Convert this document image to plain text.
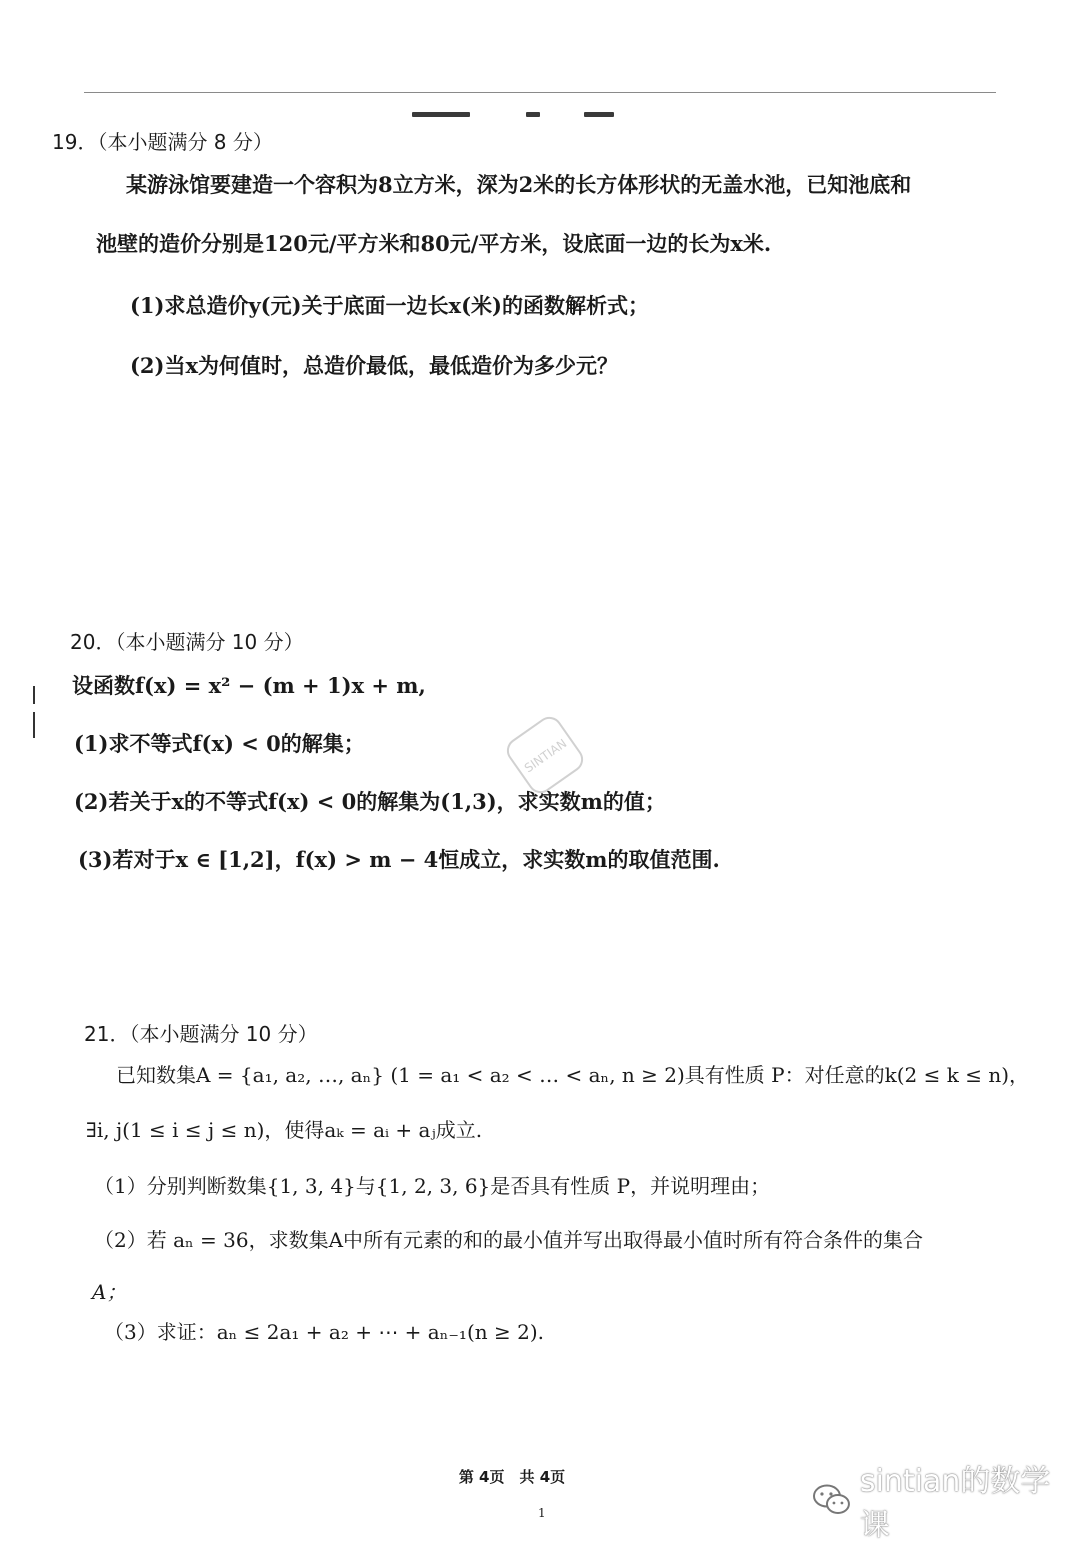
19．（本小题满分 8 分）
某游泳馆要建造一个容积为8立方米，深为2米的长方体形状的无盖水池，已知池底和
池壁的造价分别是120元/平方米和80元/平方米，设底面一边的长为x米.
(1)求总造价y(元)关于底面一边长x(米)的函数解析式；
(2)当x为何值时，总造价最低，最低造价为多少元？
20．（本小题满分 10 分）
设函数f(x) = x² − (m + 1)x + m,
(1)求不等式f(x) < 0的解集；
(2)若关于x的不等式f(x) < 0的解集为(1,3)，求实数m的值；
(3)若对于x ∈ [1,2]，f(x) > m − 4恒成立，求实数m的取值范围.
SINTIAN
21．（本小题满分 10 分）
已知数集A = {a₁, a₂, …, aₙ} (1 = a₁ < a₂ < … < aₙ, n ≥ 2)具有性质 P：对任意的k(2 ≤ k ≤ n)，
∃i, j(1 ≤ i ≤ j ≤ n)，使得aₖ = aᵢ + aⱼ成立.
（1）分别判断数集{1, 3, 4}与{1, 2, 3, 6}是否具有性质 P，并说明理由；
（2）若 aₙ = 36，求数集A中所有元素的和的最小值并写出取得最小值时所有符合条件的集合
A；
（3）求证：aₙ ≤ 2a₁ + a₂ + ⋯ + aₙ₋₁(n ≥ 2).
第 4页　共 4页
1
sintian的数学课
